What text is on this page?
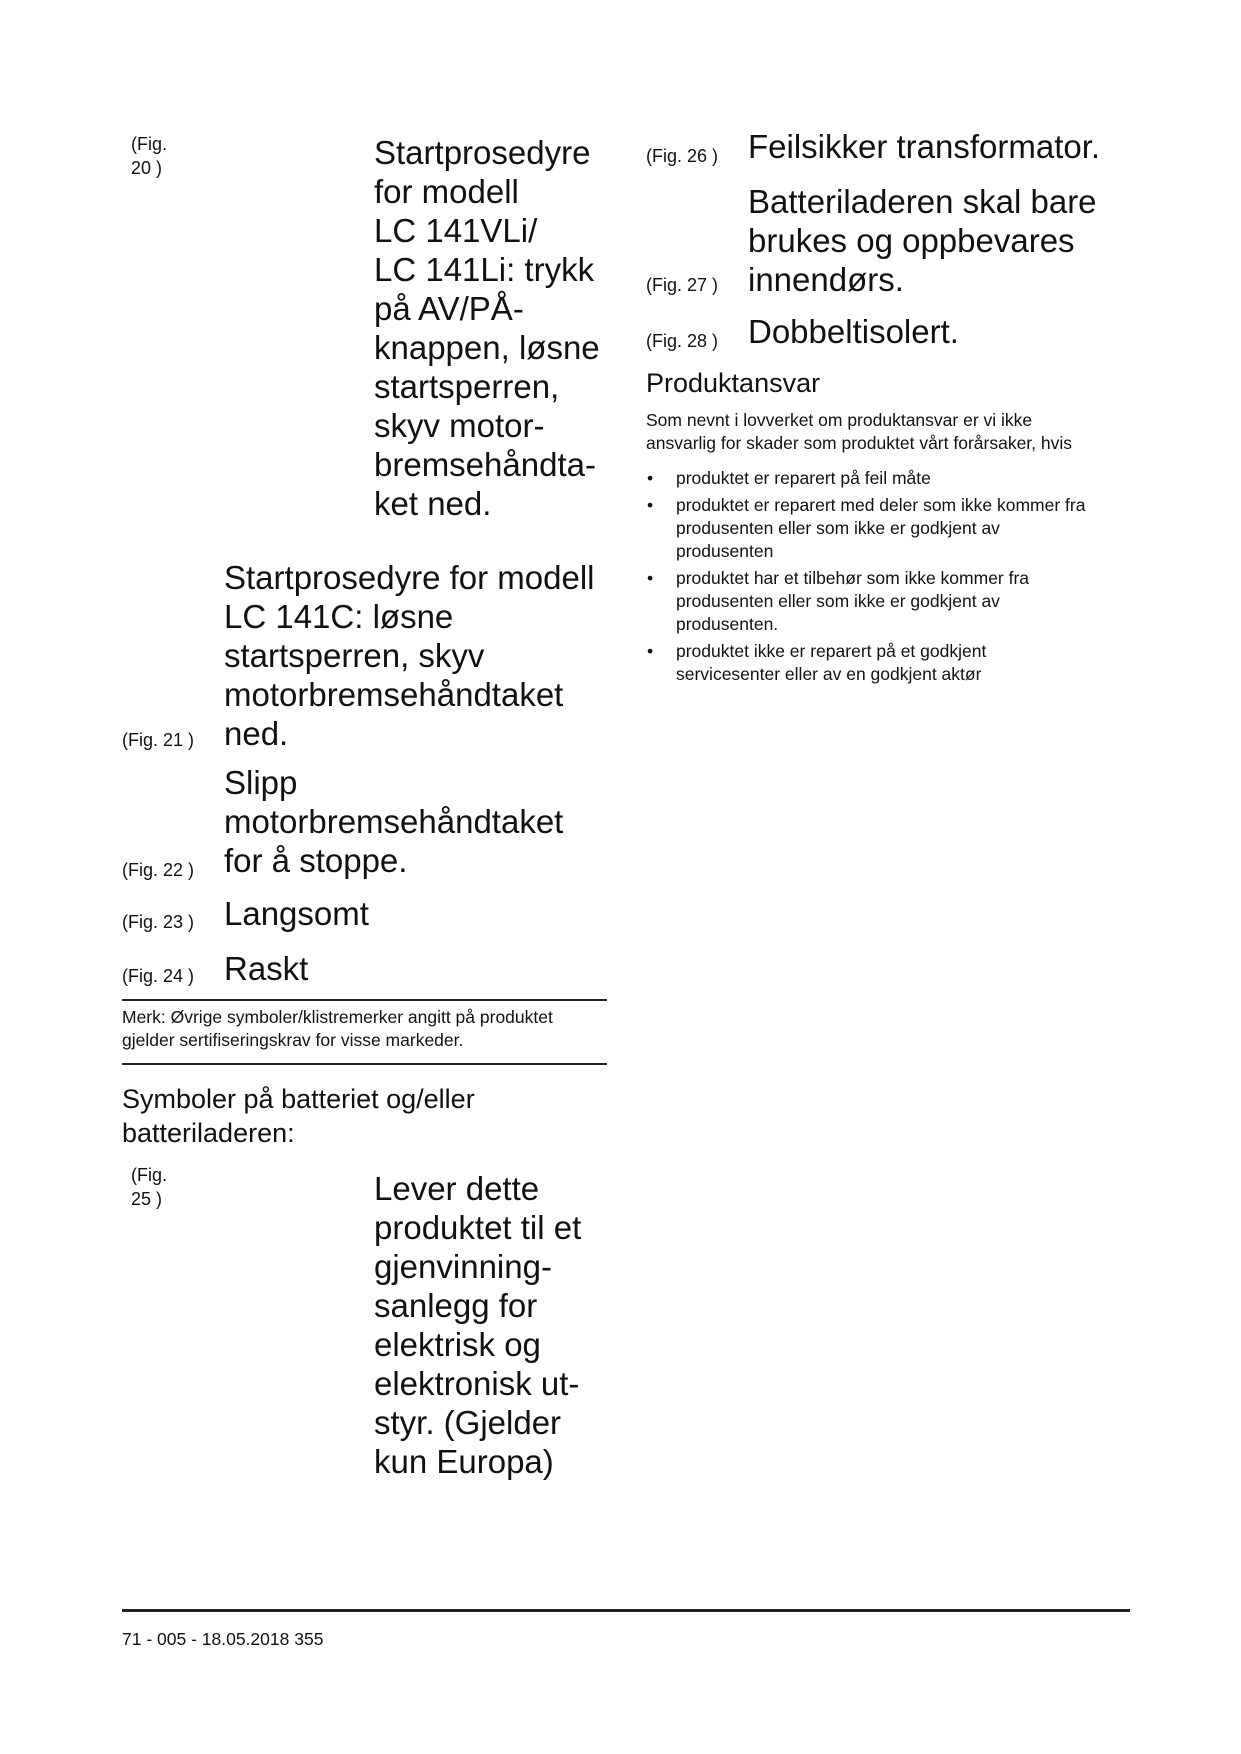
(Fig.
20 )	Startprosedyre
for modell
LC 141VLi/
LC 141Li: trykk
på AV/PÅ-
knappen, løsne
startsperren,
skyv motor-
bremsehåndta-
ket ned.
Startprosedyre for modell
LC 141C: løsne
startsperren, skyv
motorbremsehåndtaket
ned.
(Fig. 21 )
Slipp
motorbremsehåndtaket
for å stoppe.
(Fig. 22 )
Langsomt
(Fig. 23 )
Raskt
(Fig. 24 )
Merk: Øvrige symboler/klistremerker angitt på produktet
gjelder sertifiseringskrav for visse markeder.
Symboler på batteriet og/eller
batteriladeren:
(Fig.
25 )	Lever dette
produktet til et
gjenvinning-
sanlegg for
elektrisk og
elektronisk ut-
styr. (Gjelder
kun Europa)
(Fig. 26 ) Feilsikker transformator.
Batteriladeren skal bare
brukes og oppbevares
innendørs.
(Fig. 27 )
Dobbeltisolert.
(Fig. 28 )
Produktansvar
Som nevnt i lovverket om produktansvar er vi ikke
ansvarlig for skader som produktet vårt forårsaker, hvis
• produktet er reparert på feil måte
• produktet er reparert med deler som ikke kommer fra
produsenten eller som ikke er godkjent av
produsenten
• produktet har et tilbehør som ikke kommer fra
produsenten eller som ikke er godkjent av
produsenten.
• produktet ikke er reparert på et godkjent
servicesenter eller av en godkjent aktør
71 - 005 - 18.05.2018 355
